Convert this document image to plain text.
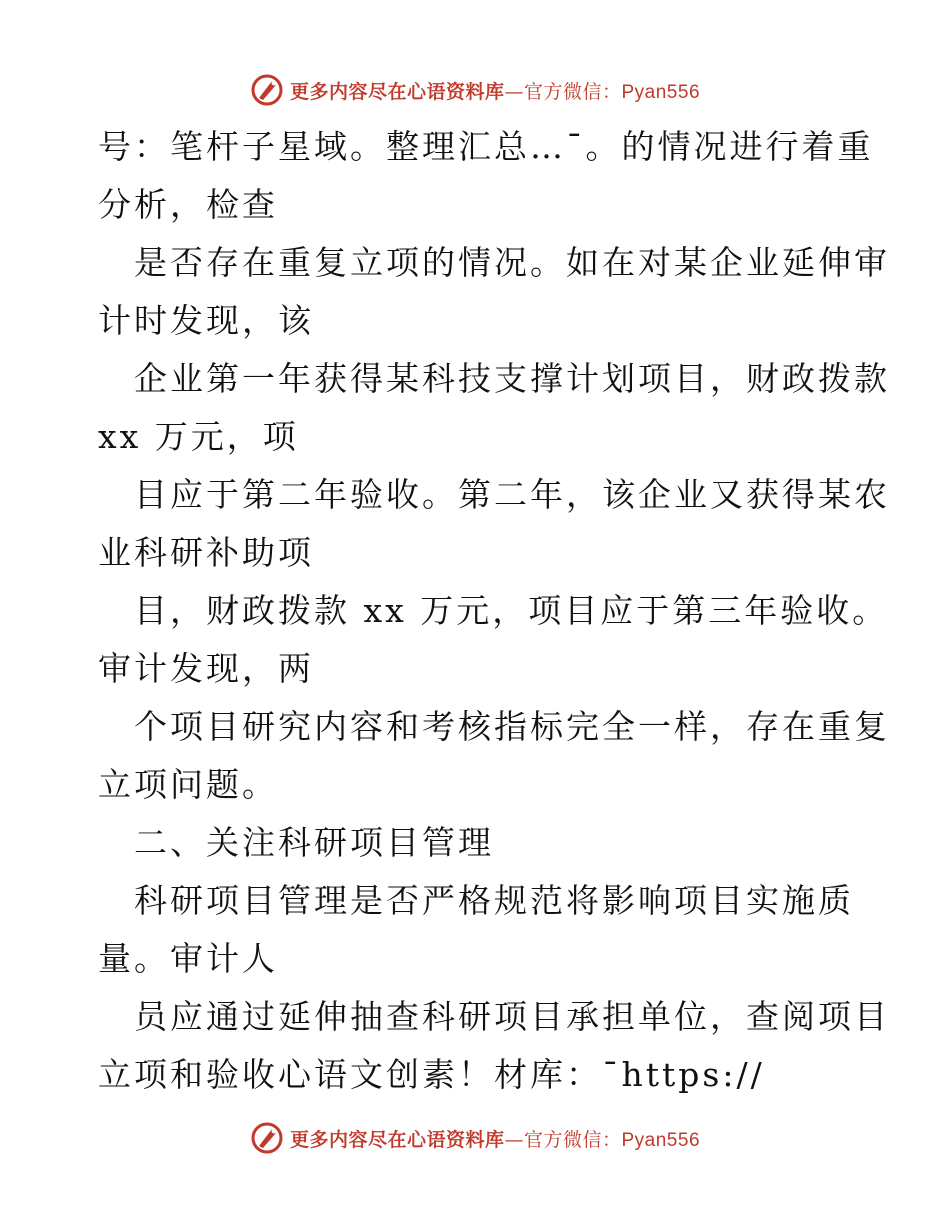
更多内容尽在心语资料库—官方微信：Pyan556
号：笔杆子星域。整理汇总…¯。的情况进行着重
分析，检查
是否存在重复立项的情况。如在对某企业延伸审
计时发现，该
企业第一年获得某科技支撑计划项目，财政拨款
xx 万元，项
目应于第二年验收。第二年，该企业又获得某农
业科研补助项
目，财政拨款 xx 万元，项目应于第三年验收。
审计发现，两
个项目研究内容和考核指标完全一样，存在重复
立项问题。
二、关注科研项目管理
科研项目管理是否严格规范将影响项目实施质
量。审计人
员应通过延伸抽查科研项目承担单位，查阅项目
立项和验收心语文创素！材库：¯https://
更多内容尽在心语资料库—官方微信：Pyan556
